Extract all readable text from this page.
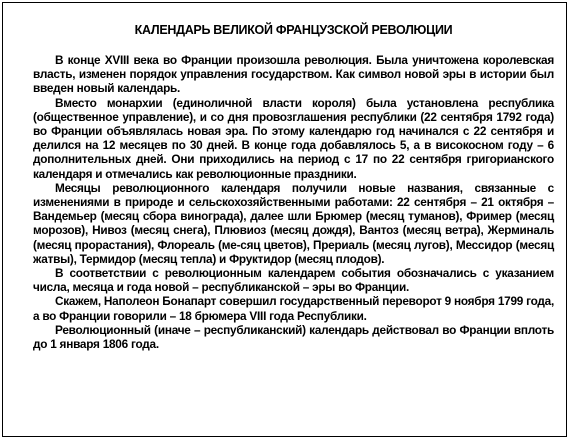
КАЛЕНДАРЬ ВЕЛИКОЙ ФРАНЦУЗСКОЙ РЕВОЛЮЦИИ

В конце XVIII века во Франции произошла революция. Была уничтожена королевская власть, изменен порядок управления государством. Как символ новой эры в истории был введен новый календарь.

Вместо монархии (единоличной власти короля) была установлена республика (общественное управление), и со дня провозглашения республики (22 сентября 1792 года) во Франции объявлялась новая эра. По этому календарю год начинался с 22 сентября и делился на 12 месяцев по 30 дней. В конце года добавлялось 5, а в високосном году – 6 дополнительных дней. Они приходились на период с 17 по 22 сентября григорианского календаря и отмечались как революционные праздники.

Месяцы революционного календаря получили новые названия, связанные с изменениями в природе и сельскохозяйственными работами: 22 сентября – 21 октября – Вандемьер (месяц сбора винограда), далее шли Брюмер (месяц туманов), Фример (месяц морозов), Нивоз (месяц снега), Плювиоз (месяц дождя), Вантоз (месяц ветра), Жерминаль (месяц прорастания), Флореаль (ме-сяц цветов), Прериаль (месяц лугов), Мессидор (месяц жатвы), Термидор (месяц тепла) и Фруктидор (месяц плодов).

В соответствии с революционным календарем события обозначались с указанием числа, месяца и года новой – республиканской – эры во Франции.

Скажем, Наполеон Бонапарт совершил государственный переворот 9 ноября 1799 года, а во Франции говорили – 18 брюмера VIII года Республики.

Революционный (иначе – республиканский) календарь действовал во Франции вплоть до 1 января 1806 года.
